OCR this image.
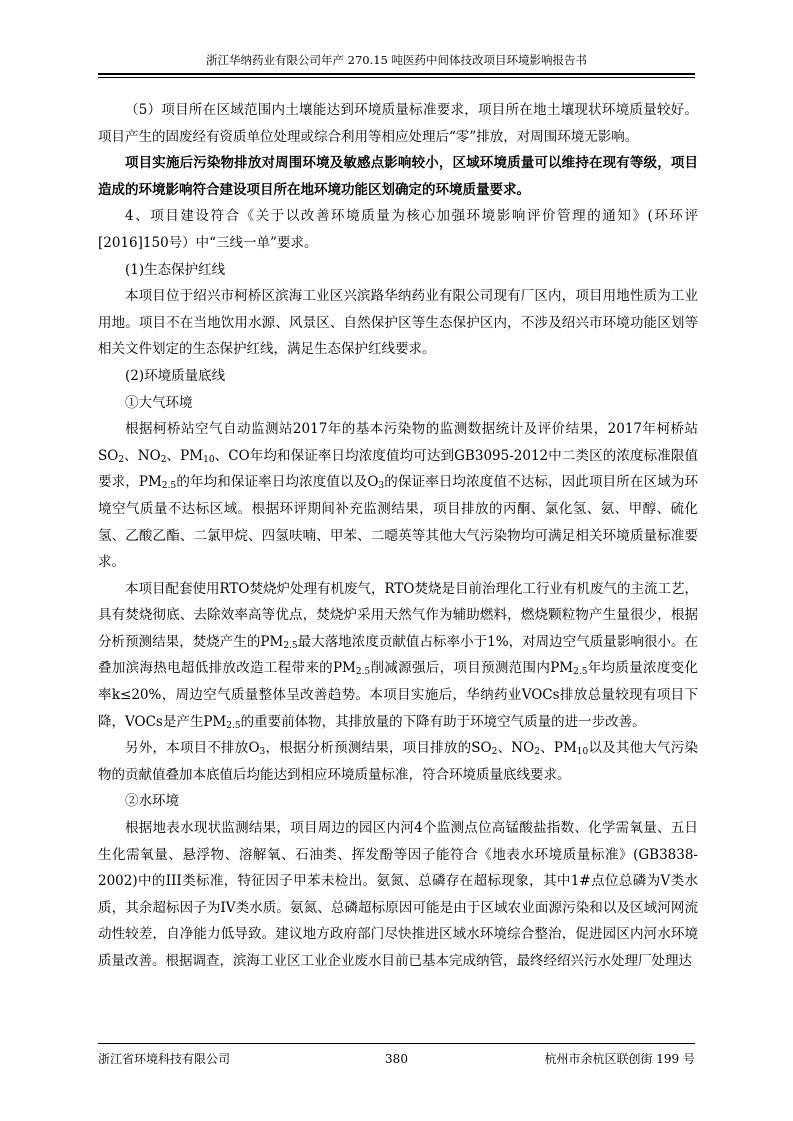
浙江华纳药业有限公司年产 270.15 吨医药中间体技改项目环境影响报告书

（5）项目所在区域范围内土壤能达到环境质量标准要求，项目所在地土壤现状环境质量较好。项目产生的固废经有资质单位处理或综合利用等相应处理后“零”排放，对周围环境无影响。

项目实施后污染物排放对周围环境及敏感点影响较小，区域环境质量可以维持在现有等级，项目造成的环境影响符合建设项目所在地环境功能区划确定的环境质量要求。

4、项目建设符合《关于以改善环境质量为核心加强环境影响评价管理的通知》(环环评[2016]150号）中“三线一单”要求。

(1)生态保护红线

本项目位于绍兴市柯桥区滨海工业区兴滨路华纳药业有限公司现有厂区内，项目用地性质为工业用地。项目不在当地饮用水源、风景区、自然保护区等生态保护区内，不涉及绍兴市环境功能区划等相关文件划定的生态保护红线，满足生态保护红线要求。

(2)环境质量底线

①大气环境

根据柯桥站空气自动监测站2017年的基本污染物的监测数据统计及评价结果，2017年柯桥站$SO_2$、$NO_2$、$PM_{10}$、CO年均和保证率日均浓度值均可达到GB3095-2012中二类区的浓度标准限值要求，$PM_{2.5}$的年均和保证率日均浓度值以及$O_3$的保证率日均浓度值不达标，因此项目所在区域为环境空气质量不达标区域。根据环评期间补充监测结果，项目排放的丙酮、氯化氢、氨、甲醇、硫化氢、乙酸乙酯、二氯甲烷、四氢呋喃、甲苯、二噁英等其他大气污染物均可满足相关环境质量标准要求。

本项目配套使用RTO焚烧炉处理有机废气，RTO焚烧是目前治理化工行业有机废气的主流工艺，具有焚烧彻底、去除效率高等优点，焚烧炉采用天然气作为辅助燃料，燃烧颗粒物产生量很少，根据分析预测结果，焚烧产生的$PM_{2.5}$最大落地浓度贡献值占标率小于1%，对周边空气质量影响很小。在叠加滨海热电超低排放改造工程带来的$PM_{2.5}$削减源强后，项目预测范围内$PM_{2.5}$年均质量浓度变化率k≤20%，周边空气质量整体呈改善趋势。本项目实施后，华纳药业VOCs排放总量较现有项目下降，VOCs是产生$PM_{2.5}$的重要前体物，其排放量的下降有助于环境空气质量的进一步改善。

另外，本项目不排放$O_3$，根据分析预测结果，项目排放的$SO_2$、$NO_2$、$PM_{10}$以及其他大气污染物的贡献值叠加本底值后均能达到相应环境质量标准，符合环境质量底线要求。

②水环境

根据地表水现状监测结果，项目周边的园区内河4个监测点位高锰酸盐指数、化学需氧量、五日生化需氧量、悬浮物、溶解氧、石油类、挥发酚等因子能符合《地表水环境质量标准》(GB3838-2002)中的III类标准，特征因子甲苯未检出。氨氮、总磷存在超标现象，其中1#点位总磷为V类水质，其余超标因子为IV类水质。氨氮、总磷超标原因可能是由于区域农业面源污染和以及区域河网流动性较差，自净能力低导致。建议地方政府部门尽快推进区域水环境综合整治，促进园区内河水环境质量改善。根据调查，滨海工业区工业企业废水目前已基本完成纳管，最终经绍兴污水处理厂处理达

380
浙江省环境科技有限公司	杭州市余杭区联创街 199 号
